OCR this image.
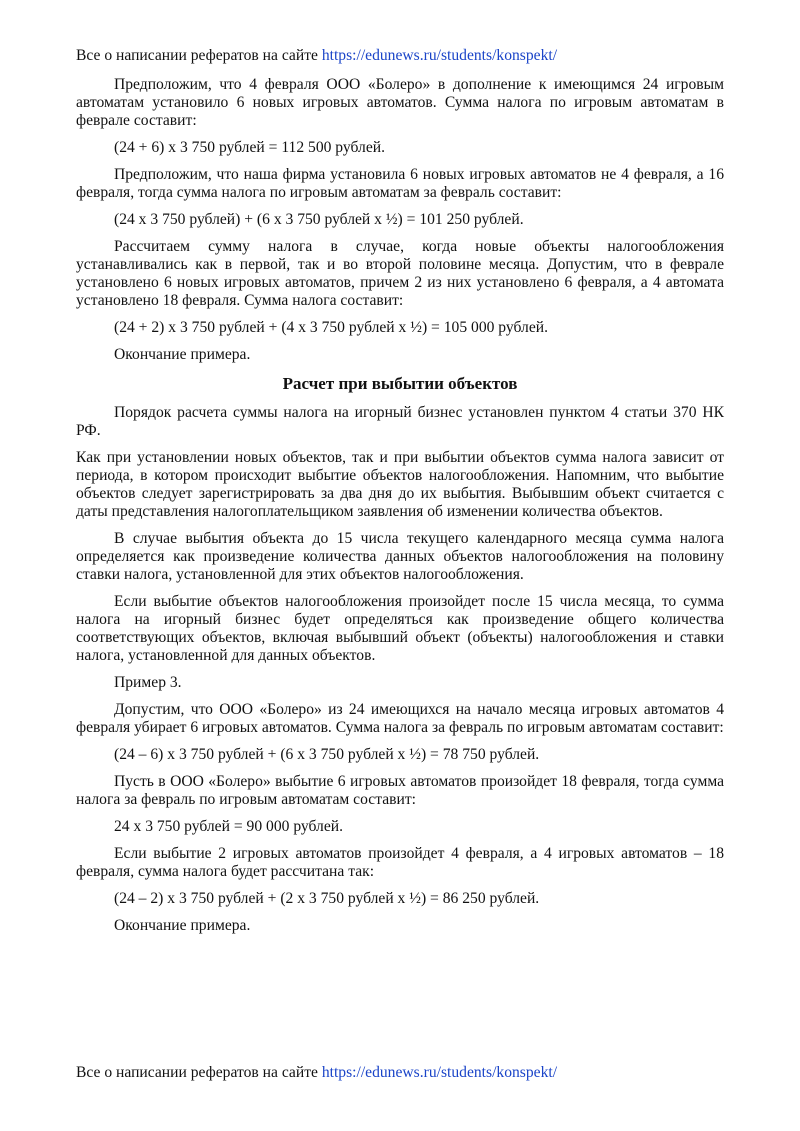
Все о написании рефератов на сайте https://edunews.ru/students/konspekt/

Предположим, что 4 февраля ООО «Болеро» в дополнение к имеющимся 24 игровым автоматам установило 6 новых игровых автоматов. Сумма налога по игровым автоматам в феврале составит:

(24 + 6) х 3 750 рублей = 112 500 рублей.

Предположим, что наша фирма установила 6 новых игровых автоматов не 4 февраля, а 16 февраля, тогда сумма налога по игровым автоматам за февраль составит:

(24 х 3 750 рублей) + (6 х 3 750 рублей х ½) = 101 250 рублей.

Рассчитаем сумму налога в случае, когда новые объекты налогообложения устанавливались как в первой, так и во второй половине месяца. Допустим, что в феврале установлено 6 новых игровых автоматов, причем 2 из них установлено 6 февраля, а 4 автомата установлено 18 февраля. Сумма налога составит:

(24 + 2) х 3 750 рублей + (4 х 3 750 рублей х ½) = 105 000 рублей.

Окончание примера.

Расчет при выбытии объектов

Порядок расчета суммы налога на игорный бизнес установлен пунктом 4 статьи 370 НК РФ.

Как при установлении новых объектов, так и при выбытии объектов сумма налога зависит от периода, в котором происходит выбытие объектов налогообложения. Напомним, что выбытие объектов следует зарегистрировать за два дня до их выбытия. Выбывшим объект считается с даты представления налогоплательщиком заявления об изменении количества объектов.

В случае выбытия объекта до 15 числа текущего календарного месяца сумма налога определяется как произведение количества данных объектов налогообложения на половину ставки налога, установленной для этих объектов налогообложения.

Если выбытие объектов налогообложения произойдет после 15 числа месяца, то сумма налога на игорный бизнес будет определяться как произведение общего количества соответствующих объектов, включая выбывший объект (объекты) налогообложения и ставки налога, установленной для данных объектов.

Пример 3.

Допустим, что ООО «Болеро» из 24 имеющихся на начало месяца игровых автоматов 4 февраля убирает 6 игровых автоматов. Сумма налога за февраль по игровым автоматам составит:

(24 – 6) х 3 750 рублей + (6 х 3 750 рублей х ½) = 78 750 рублей.

Пусть в ООО «Болеро» выбытие 6 игровых автоматов произойдет 18 февраля, тогда сумма налога за февраль по игровым автоматам составит:

24 х 3 750 рублей = 90 000 рублей.

Если выбытие 2 игровых автоматов произойдет 4 февраля, а 4 игровых автоматов – 18 февраля, сумма налога будет рассчитана так:

(24 – 2) х 3 750 рублей + (2 х 3 750 рублей х ½) = 86 250 рублей.

Окончание примера.

Все о написании рефератов на сайте https://edunews.ru/students/konspekt/
